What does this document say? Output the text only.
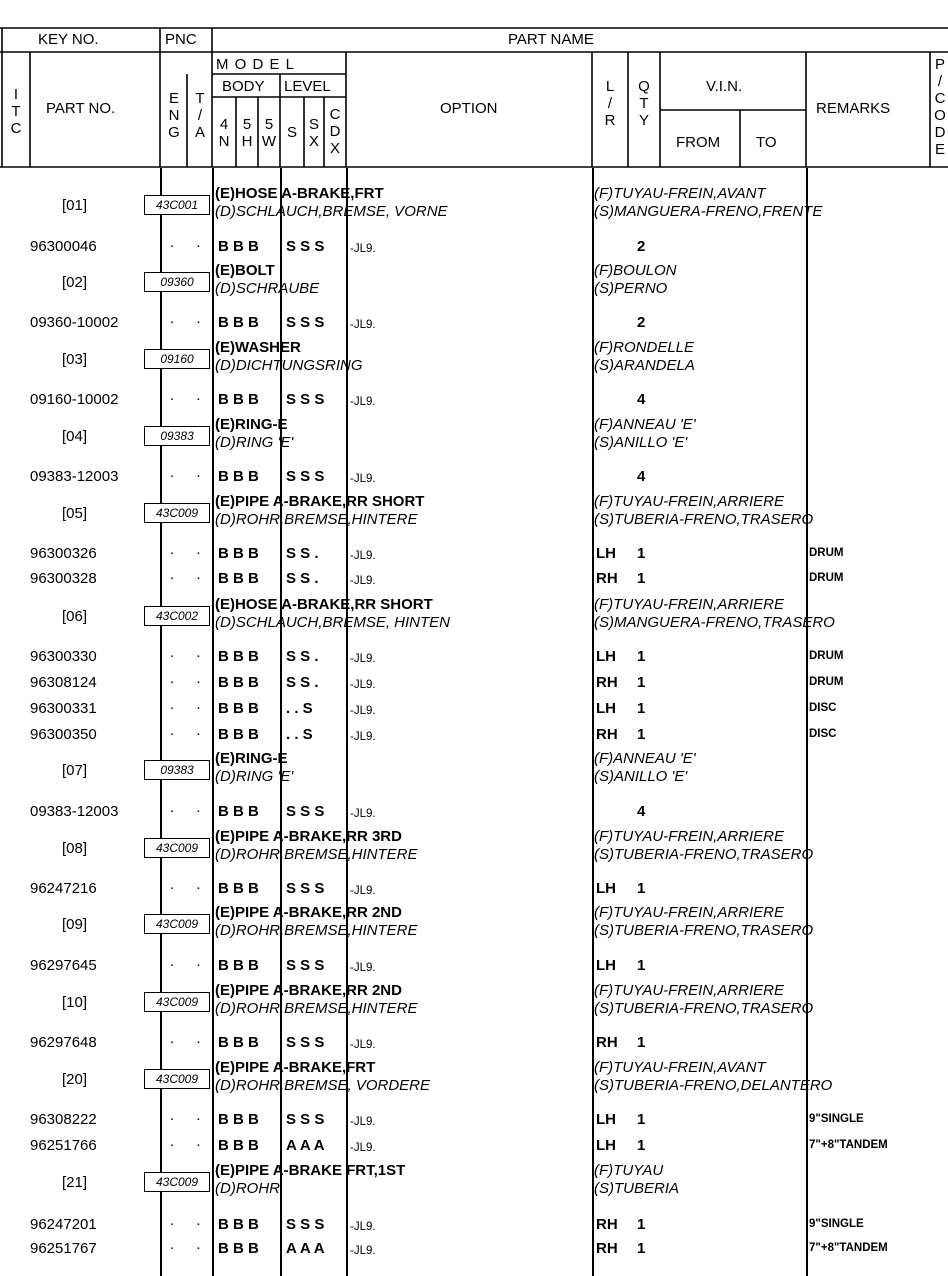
KEY NO.	PNC	PART NAME
I
T
C
PART NO.
M O D E L
E
N
G
T
/
A
BODY LEVEL
4
N
5
H
5
W
S S
X
C
D
X
OPTION
L
/
R
Q
T
Y
V.I.N.
FROM TO
REMARKS
P
/
C
O
D
E
[01]	43C001
(E)HOSE A-BRAKE,FRT
(D)SCHLAUCH,BREMSE, VORNE
(F)TUYAU-FREIN,AVANT
(S)MANGUERA-FRENO,FRENTE
96300046	. . B B B S S S -JL9.	2
[02]	09360
(E)BOLT
(D)SCHRAUBE
(F)BOULON
(S)PERNO
09360-10002	. . B B B S S S -JL9.	2
[03]	09160
(E)WASHER
(D)DICHTUNGSRING
(F)RONDELLE
(S)ARANDELA
09160-10002	. . B B B S S S -JL9.	4
[04]	09383
(E)RING-E
(D)RING 'E'
(F)ANNEAU 'E'
(S)ANILLO 'E'
09383-12003	. . B B B S S S -JL9.	4
[05]	43C009
(E)PIPE A-BRAKE,RR SHORT
(D)ROHR,BREMSE,HINTERE
(F)TUYAU-FREIN,ARRIERE
(S)TUBERIA-FRENO,TRASERO
96300326	. . B B B S S .	-JL9.	LH 1	DRUM
96300328	. . B B B S S .	-JL9.	RH 1	DRUM
[06]	43C002
(E)HOSE A-BRAKE,RR SHORT
(D)SCHLAUCH,BREMSE, HINTEN
(F)TUYAU-FREIN,ARRIERE
(S)MANGUERA-FRENO,TRASERO
96300330	. . B B B S S .	-JL9.	LH 1	DRUM
96308124	. . B B B S S .	-JL9.	RH 1	DRUM
96300331	. . B B B . . S	-JL9.	LH 1	DISC
96300350	. . B B B . . S	-JL9.	RH 1	DISC
[07]	09383
(E)RING-E
(D)RING 'E'
(F)ANNEAU 'E'
(S)ANILLO 'E'
09383-12003	. . B B B S S S -JL9.	4
[08]	43C009
(E)PIPE A-BRAKE,RR 3RD
(D)ROHR,BREMSE,HINTERE
(F)TUYAU-FREIN,ARRIERE
(S)TUBERIA-FRENO,TRASERO
96247216	. . B B B S S S -JL9.	LH 1
[09]	43C009
(E)PIPE A-BRAKE,RR 2ND
(D)ROHR,BREMSE,HINTERE
(F)TUYAU-FREIN,ARRIERE
(S)TUBERIA-FRENO,TRASERO
96297645	. . B B B S S S -JL9.	LH 1
[10]	43C009
(E)PIPE A-BRAKE,RR 2ND
(D)ROHR,BREMSE,HINTERE
(F)TUYAU-FREIN,ARRIERE
(S)TUBERIA-FRENO,TRASERO
96297648	. . B B B S S S -JL9.	RH 1
[20]	43C009
(E)PIPE A-BRAKE,FRT
(D)ROHR,BREMSE, VORDERE
(F)TUYAU-FREIN,AVANT
(S)TUBERIA-FRENO,DELANTERO
96308222	. . B B B S S S -JL9.	LH 1	9"SINGLE
96251766	. . B B B A A A -JL9.	LH 1	7"+8"TANDEM
[21]	43C009
(E)PIPE A-BRAKE FRT,1ST
(D)ROHR
(F)TUYAU
(S)TUBERIA
96247201	. . B B B S S S -JL9.	RH 1	9"SINGLE
96251767	. . B B B A A A -JL9.	RH 1	7"+8"TANDEM
